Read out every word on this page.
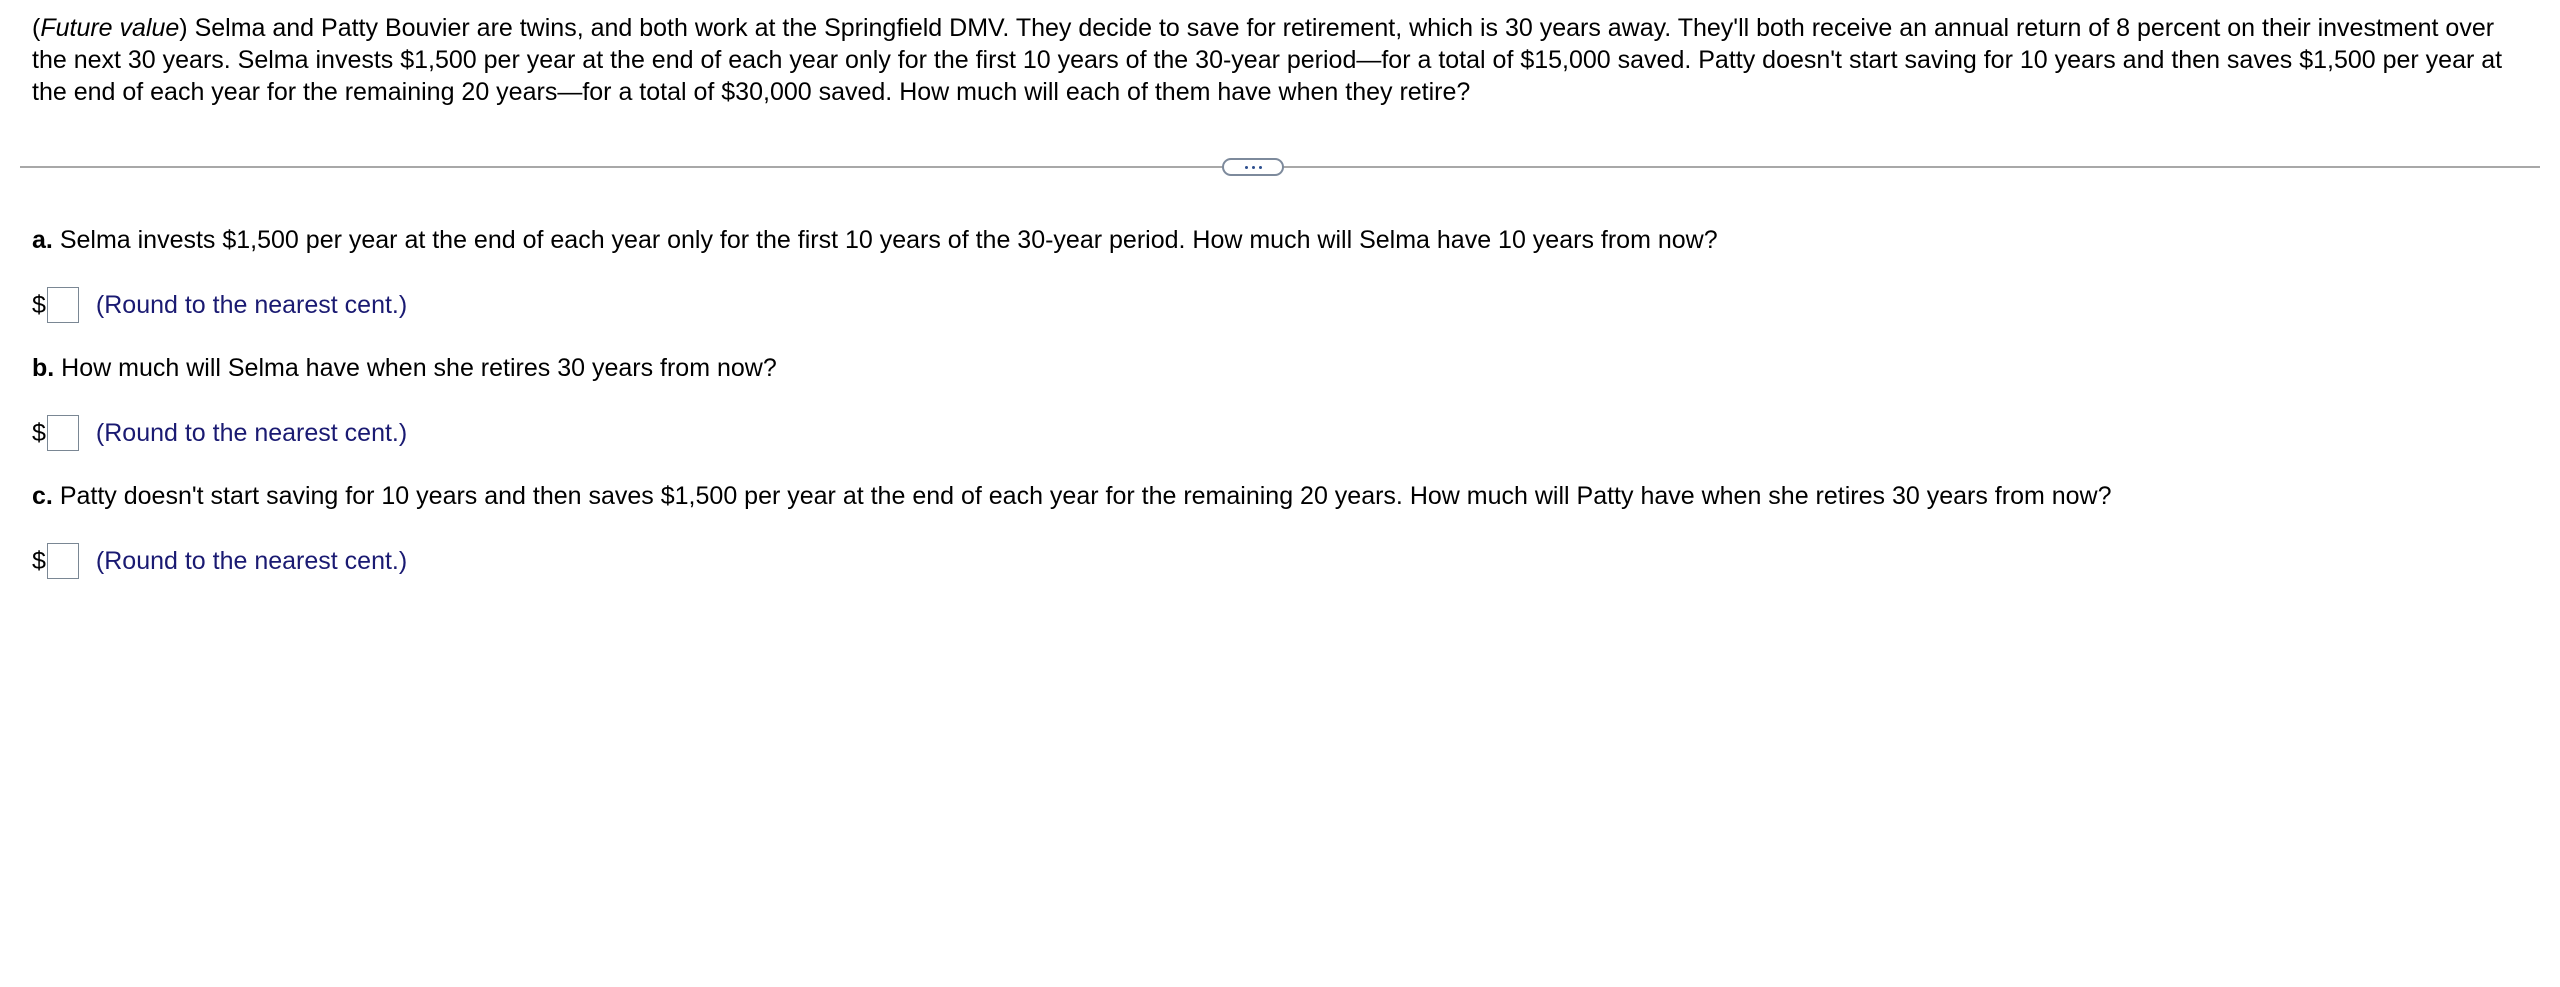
(Future value) Selma and Patty Bouvier are twins, and both work at the Springfield DMV. They decide to save for retirement, which is 30 years away. They'll both receive an annual return of 8 percent on their investment over the next 30 years. Selma invests $1,500 per year at the end of each year only for the first 10 years of the 30-year period—for a total of $15,000 saved. Patty doesn't start saving for 10 years and then saves $1,500 per year at the end of each year for the remaining 20 years—for a total of $30,000 saved. How much will each of them have when they retire?
a. Selma invests $1,500 per year at the end of each year only for the first 10 years of the 30-year period. How much will Selma have 10 years from now?
$ (Round to the nearest cent.)
b. How much will Selma have when she retires 30 years from now?
$ (Round to the nearest cent.)
c. Patty doesn't start saving for 10 years and then saves $1,500 per year at the end of each year for the remaining 20 years. How much will Patty have when she retires 30 years from now?
$ (Round to the nearest cent.)
